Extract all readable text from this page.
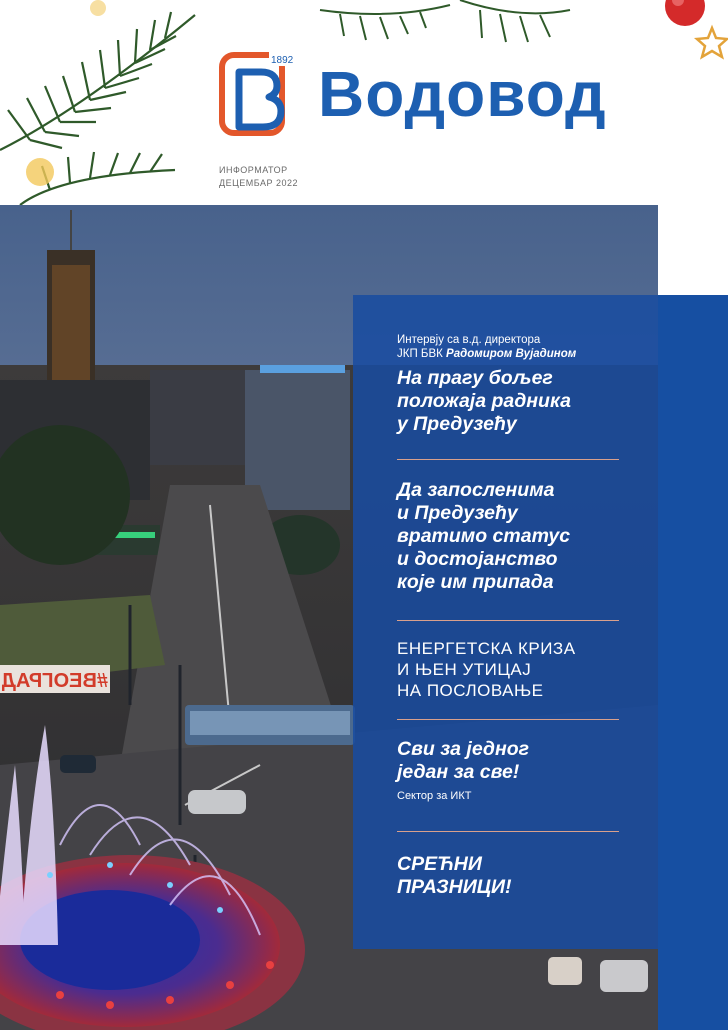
1892 Водовод
ИНФОРМАТОР
ДЕЦЕМБАР 2022
#BEOГPAД
Интервју са в.д. директора
ЈКП БВК Радомиром Вујадином
На прагу бољег
положаја радника
у Предузећу
Да запосленима
и Предузећу
вратимо статус
и достојанство
које им припада
ЕНЕРГЕТСКА КРИЗА
И ЊЕН УТИЦАЈ
НА ПОСЛОВАЊЕ
Сви за једног
један за све!
Сектор за ИКТ
СРЕЋНИ
ПРАЗНИЦИ!
